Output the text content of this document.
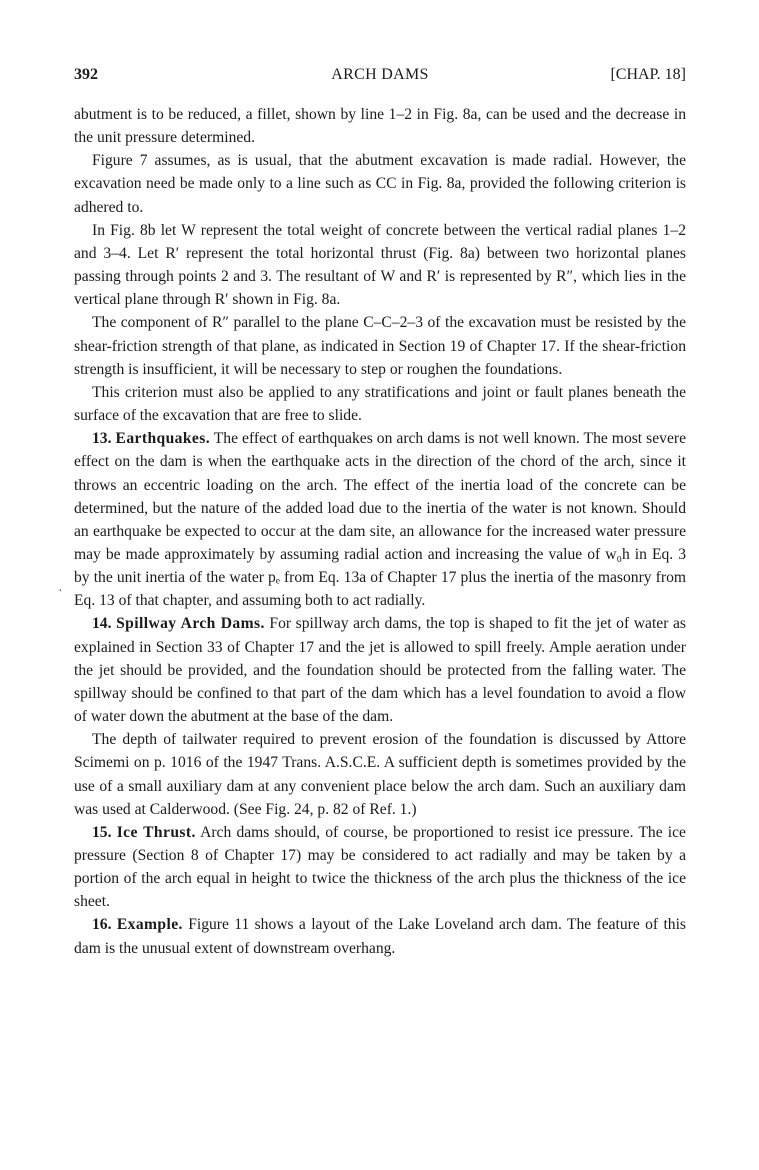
ARCH DAMS
392	[CHAP. 18]
·

abutment is to be reduced, a fillet, shown by line 1–2 in Fig. 8a, can be used and the decrease in the unit pressure determined.

Figure 7 assumes, as is usual, that the abutment excavation is made radial. However, the excavation need be made only to a line such as CC in Fig. 8a, provided the following criterion is adhered to.

In Fig. 8b let W represent the total weight of concrete between the vertical radial planes 1–2 and 3–4. Let R′ represent the total horizontal thrust (Fig. 8a) between two horizontal planes passing through points 2 and 3. The resultant of W and R′ is represented by R″, which lies in the vertical plane through R′ shown in Fig. 8a.

The component of R″ parallel to the plane C–C–2–3 of the excavation must be resisted by the shear-friction strength of that plane, as indicated in Section 19 of Chapter 17. If the shear-friction strength is insufficient, it will be necessary to step or roughen the foundations.

This criterion must also be applied to any stratifications and joint or fault planes beneath the surface of the excavation that are free to slide.

13. Earthquakes. The effect of earthquakes on arch dams is not well known. The most severe effect on the dam is when the earthquake acts in the direction of the chord of the arch, since it throws an eccentric loading on the arch. The effect of the inertia load of the concrete can be determined, but the nature of the added load due to the inertia of the water is not known. Should an earthquake be expected to occur at the dam site, an allowance for the increased water pressure may be made approximately by assuming radial action and increasing the value of w₀h in Eq. 3 by the unit inertia of the water pₑ from Eq. 13a of Chapter 17 plus the inertia of the masonry from Eq. 13 of that chapter, and assuming both to act radially.

14. Spillway Arch Dams. For spillway arch dams, the top is shaped to fit the jet of water as explained in Section 33 of Chapter 17 and the jet is allowed to spill freely. Ample aeration under the jet should be provided, and the foundation should be protected from the falling water. The spillway should be confined to that part of the dam which has a level foundation to avoid a flow of water down the abutment at the base of the dam.

The depth of tailwater required to prevent erosion of the foundation is discussed by Attore Scimemi on p. 1016 of the 1947 Trans. A.S.C.E. A sufficient depth is sometimes provided by the use of a small auxiliary dam at any convenient place below the arch dam. Such an auxiliary dam was used at Calderwood. (See Fig. 24, p. 82 of Ref. 1.)

15. Ice Thrust. Arch dams should, of course, be proportioned to resist ice pressure. The ice pressure (Section 8 of Chapter 17) may be considered to act radially and may be taken by a portion of the arch equal in height to twice the thickness of the arch plus the thickness of the ice sheet.

16. Example. Figure 11 shows a layout of the Lake Loveland arch dam. The feature of this dam is the unusual extent of downstream overhang.
